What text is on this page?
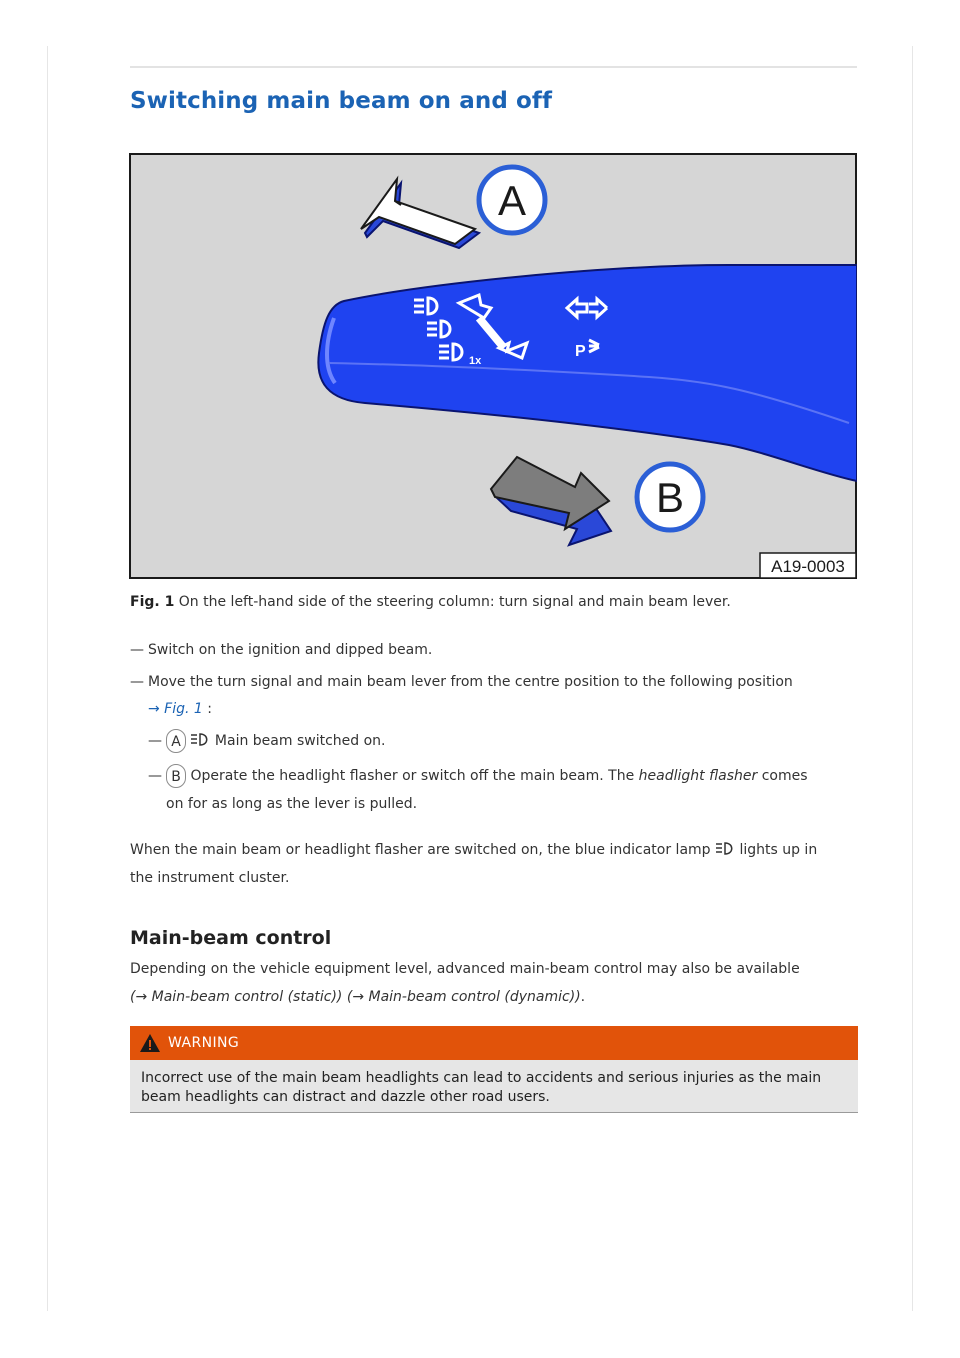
Switching main beam on and off
1x
P
A
B
A19-0003
Fig. 1 On the left-hand side of the steering column: turn signal and main beam lever.
— Switch on the ignition and dipped beam.
— Move the turn signal and main beam lever from the centre position to the following position
→ Fig. 1 :
— A Main beam switched on.
— B Operate the headlight flasher or switch off the main beam. The headlight flasher comes
on for as long as the lever is pulled.
When the main beam or headlight flasher are switched on, the blue indicator lamp lights up in
the instrument cluster.
Main-beam control
Depending on the vehicle equipment level, advanced main-beam control may also be available
(→ Main-beam control (static)) (→ Main-beam control (dynamic)).
WARNING
Incorrect use of the main beam headlights can lead to accidents and serious injuries as the main beam headlights can distract and dazzle other road users.
